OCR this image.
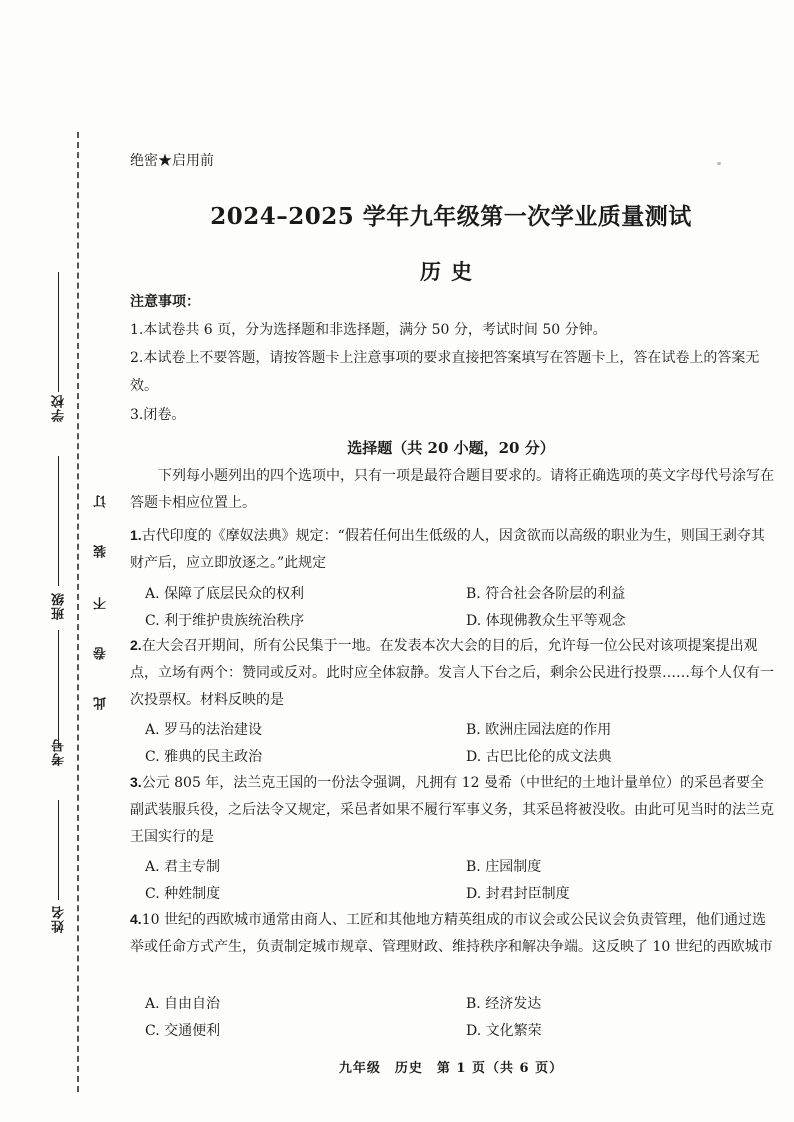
学校
班级
考号
姓名
订
装
不
卷
此
绝密★启用前
2024–2025 学年九年级第一次学业质量测试
历史
注意事项：
1.本试卷共 6 页，分为选择题和非选择题，满分 50 分，考试时间 50 分钟。
2.本试卷上不要答题，请按答题卡上注意事项的要求直接把答案填写在答题卡上，答在试卷上的答案无效。
3.闭卷。
选择题（共 20 小题，20 分）
下列每小题列出的四个选项中，只有一项是最符合题目要求的。请将正确选项的英文字母代号涂写在答题卡相应位置上。
1.古代印度的《摩奴法典》规定：“假若任何出生低级的人，因贪欲而以高级的职业为生，则国王剥夺其财产后，应立即放逐之。”此规定
A. 保障了底层民众的权利	B. 符合社会各阶层的利益
C. 利于维护贵族统治秩序	D. 体现佛教众生平等观念
2.在大会召开期间，所有公民集于一地。在发表本次大会的目的后，允许每一位公民对该项提案提出观点，立场有两个：赞同或反对。此时应全体寂静。发言人下台之后，剩余公民进行投票……每个人仅有一次投票权。材料反映的是
A. 罗马的法治建设	B. 欧洲庄园法庭的作用
C. 雅典的民主政治	D. 古巴比伦的成文法典
3.公元 805 年，法兰克王国的一份法令强调，凡拥有 12 曼希（中世纪的土地计量单位）的采邑者要全副武装服兵役，之后法令又规定，采邑者如果不履行军事义务，其采邑将被没收。由此可见当时的法兰克王国实行的是
A. 君主专制	B. 庄园制度
C. 种姓制度	D. 封君封臣制度
4.10 世纪的西欧城市通常由商人、工匠和其他地方精英组成的市议会或公民议会负责管理，他们通过选举或任命方式产生，负责制定城市规章、管理财政、维持秩序和解决争端。这反映了 10 世纪的西欧城市
A. 自由自治	B. 经济发达
C. 交通便利	D. 文化繁荣
九年级　历史　第 1 页（共 6 页）
